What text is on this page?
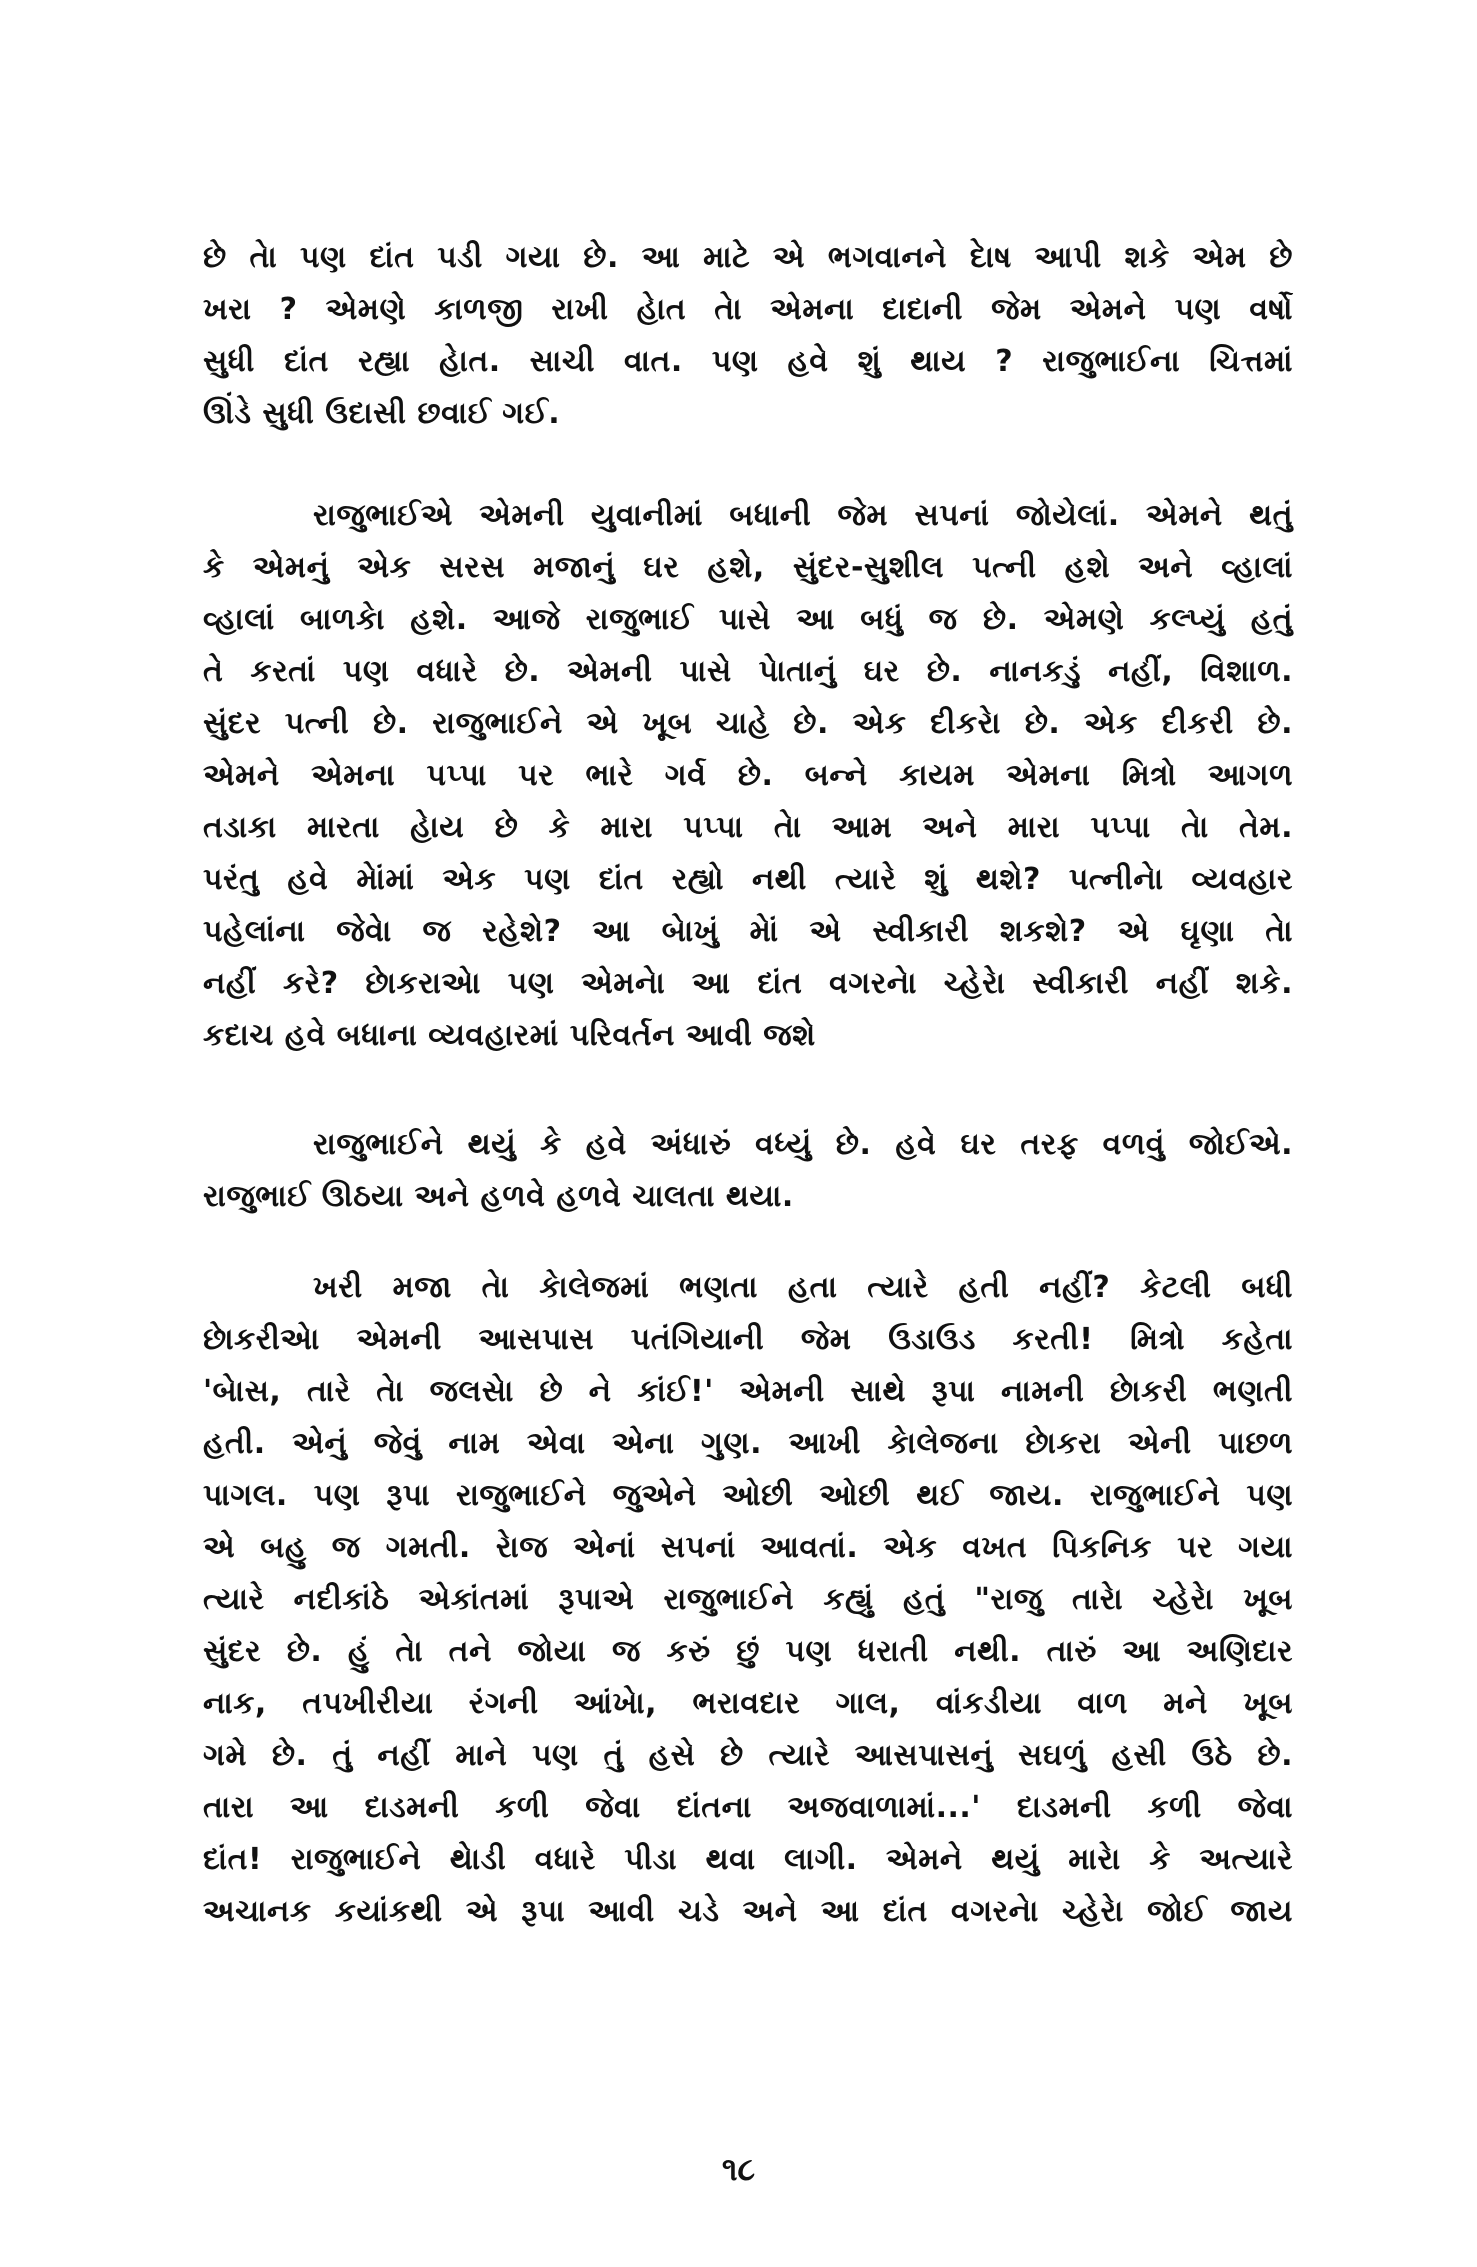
છે તેા પણ દાંત પડી ગયા છે. આ માટે એ ભગવાનને દેાષ આપી શકે એમ છે
ખરા ? એમણે કાળજી રાખી હેાત તેા એમના દાદાની જેમ એમને પણ વર્ષો
સુધી દાંત રહ્યા હેાત. સાચી વાત. પણ હવે શું થાય ? રાજુભાઈના ચિત્તમાં
ઊંડે સુધી ઉદાસી છવાઈ ગઈ.
રાજુભાઈએ એમની યુવાનીમાં બધાની જેમ સપનાં જોયેલાં. એમને થતું
કે એમનું એક સરસ મજાનું ઘર હશે, સુંદર-સુશીલ પત્ની હશે અને વ્હાલાં
વ્હાલાં બાળકેા હશે. આજે રાજુભાઈ પાસે આ બધું જ છે. એમણે કલ્પ્યું હતું
તે કરતાં પણ વધારે છે. એમની પાસે પેાતાનું ઘર છે. નાનકડું નહીં, વિશાળ.
સુંદર પત્ની છે. રાજુભાઈને એ ખૂબ ચાહે છે. એક દીકરેા છે. એક દીકરી છે.
એમને એમના પપ્પા પર ભારે ગર્વ છે. બન્ને કાયમ એમના મિત્રો આગળ
તડાકા મારતા હેાય છે કે મારા પપ્પા તેા આમ અને મારા પપ્પા તેા તેમ.
પરંતુ હવે મેાંમાં એક પણ દાંત રહ્યો નથી ત્યારે શું થશે? પત્નીનેા વ્યવહાર
પહેલાંના જેવેા જ રહેશે? આ બેાખું મેાં એ સ્વીકારી શકશે? એ ઘૃણા તેા
નહીં કરે? છેાકરાએા પણ એમનેા આ દાંત વગરનેા ચ્હેરેા સ્વીકારી નહીં શકે.
કદાચ હવે બધાના વ્યવહારમાં પરિવર્તન આવી જશે
રાજુભાઈને થયું કે હવે અંધારું વધ્યું છે. હવે ઘર તરફ વળવું જોઈએ.
રાજુભાઈ ઊઠયા અને હળવે હળવે ચાલતા થયા.
ખરી મજા તેા કેાલેજમાં ભણતા હતા ત્યારે હતી નહીં? કેટલી બધી
છેાકરીએા એમની આસપાસ પતંગિયાની જેમ ઉડાઉડ કરતી! મિત્રો કહેતા
'બેાસ, તારે તેા જલસેા છે ને કાંઈ!' એમની સાથે રૂપા નામની છેાકરી ભણતી
હતી. એનું જેવું નામ એવા એના ગુણ. આખી કેાલેજના છેાકરા એની પાછળ
પાગલ. પણ રૂપા રાજુભાઈને જુએને ઓછી ઓછી થઈ જાય. રાજુભાઈને પણ
એ બહુ જ ગમતી. રેાજ એનાં સપનાં આવતાં. એક વખત પિકનિક પર ગયા
ત્યારે નદીકાંઠે એકાંતમાં રૂપાએ રાજુભાઈને કહ્યું હતું "રાજુ તારેા ચ્હેરેા ખૂબ
સુંદર છે. હું તેા તને જોયા જ કરું છું પણ ધરાતી નથી. તારું આ અણિદાર
નાક, તપખીરીયા રંગની આંખેા, ભરાવદાર ગાલ, વાંકડીયા વાળ મને ખૂબ
ગમે છે. તું નહીં માને પણ તું હસે છે ત્યારે આસપાસનું સઘળું હસી ઉઠે છે.
તારા આ દાડમની કળી જેવા દાંતના અજવાળામાં...' દાડમની કળી જેવા
દાંત! રાજુભાઈને થેાડી વધારે પીડા થવા લાગી. એમને થયું મારેા કે અત્યારે
અચાનક કયાંકથી એ રૂપા આવી ચડે અને આ દાંત વગરનેા ચ્હેરેા જોઈ જાય
૧૮
